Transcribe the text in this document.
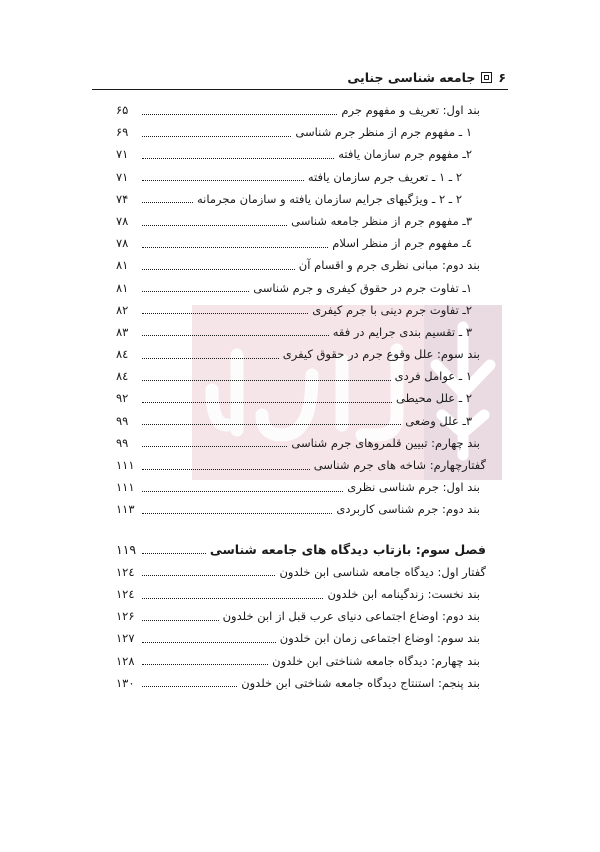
۶
جامعه شناسی جنایی
بند اول: تعریف و مفهوم جرم
۶۵
۱ ـ مفهوم جرم از منظر جرم شناسی
۶۹
۲ـ مفهوم جرم سازمان یافته
۷۱
۲ ـ ۱ ـ تعریف جرم سازمان یافته
۷۱
۲ ـ ۲ ـ ویژگیهای جرایم سازمان یافته و سازمان مجرمانه
۷۴
۳ـ مفهوم جرم از منظر جامعه شناسی
۷۸
٤ـ مفهوم جرم از منظر اسلام
۷۸
بند دوم: مبانی نظری جرم و اقسام آن
۸۱
۱ـ تفاوت جرم در حقوق کیفری و جرم شناسی
۸۱
۲ـ تفاوت جرم دینی با جرم کیفری
۸۲
۳ ـ تقسیم بندی جرایم در فقه
۸۳
بند سوم: علل وقوع جرم در حقوق کیفری
۸٤
۱ ـ عوامل فردی
۸٤
۲ ـ علل محیطی
۹۲
۳ـ علل وضعی
۹۹
بند چهارم: تبیین قلمروهای جرم شناسی
۹۹
گفتارچهارم: شاخه های جرم شناسی
۱۱۱
بند اول: جرم شناسی نظری
۱۱۱
بند دوم: جرم شناسی کاربردی
۱۱۳
فصل سوم: بازتاب دیدگاه های جامعه شناسی
۱۱۹
گفتار اول: دیدگاه جامعه شناسی ابن خلدون
۱۲٤
بند نخست: زندگینامه ابن خلدون
۱۲٤
بند دوم: اوضاع اجتماعی دنیای عرب قبل از ابن خلدون
۱۲۶
بند سوم: اوضاع اجتماعی زمان ابن خلدون
۱۲۷
بند چهارم: دیدگاه جامعه شناختی ابن خلدون
۱۲۸
بند پنجم: استنتاج دیدگاه جامعه شناختی ابن خلدون
۱۳۰
